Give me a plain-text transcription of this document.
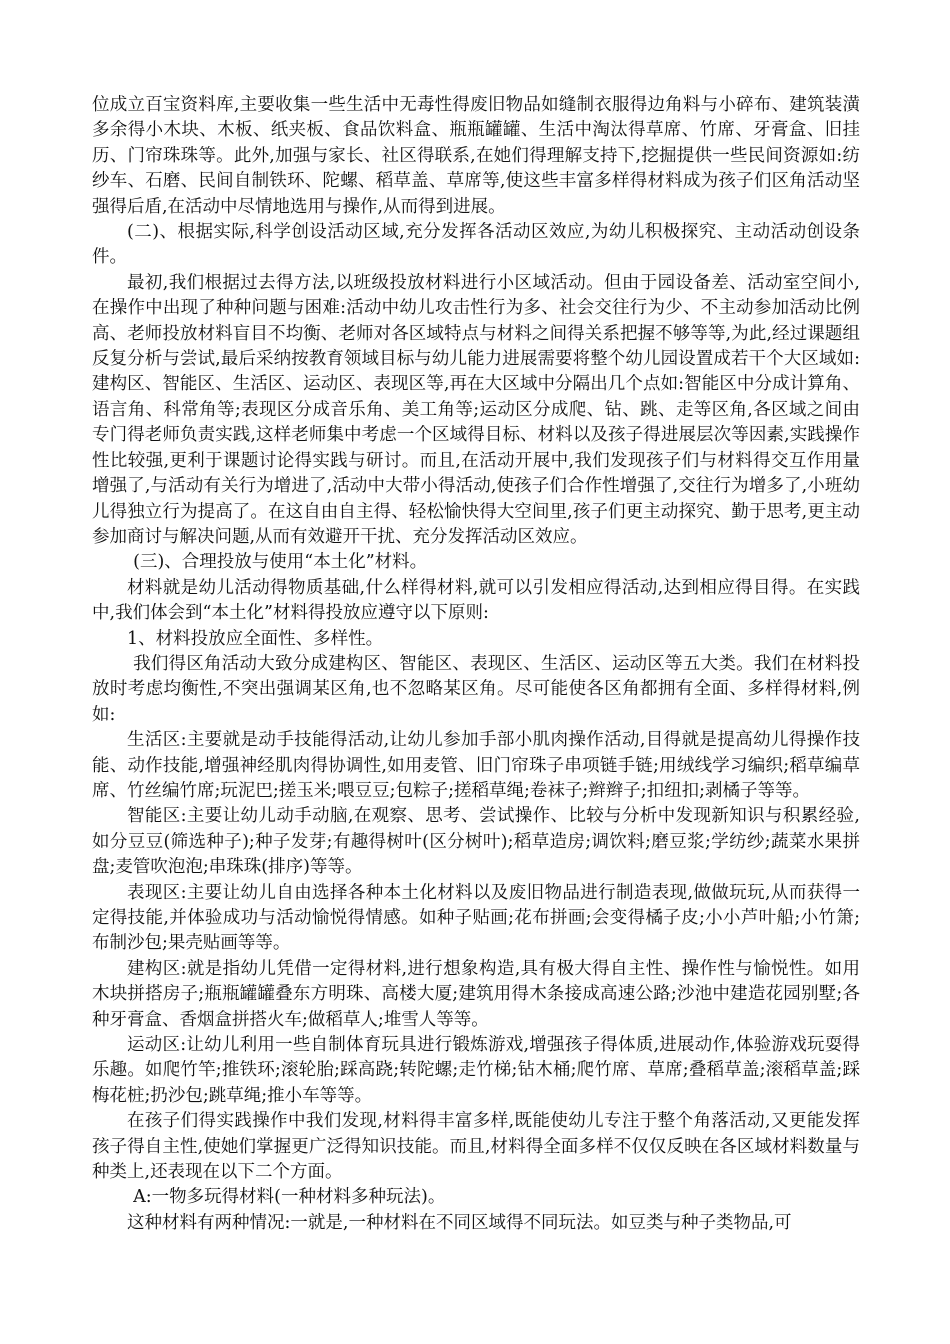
位成立百宝资料库,主要收集一些生活中无毒性得废旧物品如缝制衣服得边角料与小碎布、建筑装潢多余得小木块、木板、纸夹板、食品饮料盒、瓶瓶罐罐、生活中淘汰得草席、竹席、牙膏盒、旧挂历、门帘珠珠等。此外,加强与家长、社区得联系,在她们得理解支持下,挖掘提供一些民间资源如:纺纱车、石磨、民间自制铁环、陀螺、稻草盖、草席等,使这些丰富多样得材料成为孩子们区角活动坚强得后盾,在活动中尽情地选用与操作,从而得到进展。

(二)、根据实际,科学创设活动区域,充分发挥各活动区效应,为幼儿积极探究、主动活动创设条件。

最初,我们根据过去得方法,以班级投放材料进行小区域活动。但由于园设备差、活动室空间小,在操作中出现了种种问题与困难:活动中幼儿攻击性行为多、社会交往行为少、不主动参加活动比例高、老师投放材料盲目不均衡、老师对各区域特点与材料之间得关系把握不够等等,为此,经过课题组反复分析与尝试,最后采纳按教育领域目标与幼儿能力进展需要将整个幼儿园设置成若干个大区域如:建构区、智能区、生活区、运动区、表现区等,再在大区域中分隔出几个点如:智能区中分成计算角、语言角、科常角等;表现区分成音乐角、美工角等;运动区分成爬、钻、跳、走等区角,各区域之间由专门得老师负责实践,这样老师集中考虑一个区域得目标、材料以及孩子得进展层次等因素,实践操作性比较强,更利于课题讨论得实践与研讨。而且,在活动开展中,我们发现孩子们与材料得交互作用量增强了,与活动有关行为增进了,活动中大带小得活动,使孩子们合作性增强了,交往行为增多了,小班幼儿得独立行为提高了。在这自由自主得、轻松愉快得大空间里,孩子们更主动探究、勤于思考,更主动参加商讨与解决问题,从而有效避开干扰、充分发挥活动区效应。

(三)、合理投放与使用“本土化”材料。

材料就是幼儿活动得物质基础,什么样得材料,就可以引发相应得活动,达到相应得目得。在实践中,我们体会到“本土化”材料得投放应遵守以下原则:

1、材料投放应全面性、多样性。

我们得区角活动大致分成建构区、智能区、表现区、生活区、运动区等五大类。我们在材料投放时考虑均衡性,不突出强调某区角,也不忽略某区角。尽可能使各区角都拥有全面、多样得材料,例如:

生活区:主要就是动手技能得活动,让幼儿参加手部小肌肉操作活动,目得就是提高幼儿得操作技能、动作技能,增强神经肌肉得协调性,如用麦管、旧门帘珠子串项链手链;用绒线学习编织;稻草编草席、竹丝编竹席;玩泥巴;搓玉米;喂豆豆;包粽子;搓稻草绳;卷袜子;辫辫子;扣纽扣;剥橘子等等。

智能区:主要让幼儿动手动脑,在观察、思考、尝试操作、比较与分析中发现新知识与积累经验,如分豆豆(筛选种子);种子发芽;有趣得树叶(区分树叶);稻草造房;调饮料;磨豆浆;学纺纱;蔬菜水果拼盘;麦管吹泡泡;串珠珠(排序)等等。

表现区:主要让幼儿自由选择各种本土化材料以及废旧物品进行制造表现,做做玩玩,从而获得一定得技能,并体验成功与活动愉悦得情感。如种子贴画;花布拼画;会变得橘子皮;小小芦叶船;小竹箫;布制沙包;果壳贴画等等。

建构区:就是指幼儿凭借一定得材料,进行想象构造,具有极大得自主性、操作性与愉悦性。如用木块拼搭房子;瓶瓶罐罐叠东方明珠、高楼大厦;建筑用得木条接成高速公路;沙池中建造花园别墅;各种牙膏盒、香烟盒拼搭火车;做稻草人;堆雪人等等。

运动区:让幼儿利用一些自制体育玩具进行锻炼游戏,增强孩子得体质,进展动作,体验游戏玩耍得乐趣。如爬竹竿;推铁环;滚轮胎;踩高跷;转陀螺;走竹梯;钻木桶;爬竹席、草席;叠稻草盖;滚稻草盖;踩梅花桩;扔沙包;跳草绳;推小车等等。

在孩子们得实践操作中我们发现,材料得丰富多样,既能使幼儿专注于整个角落活动,又更能发挥孩子得自主性,使她们掌握更广泛得知识技能。而且,材料得全面多样不仅仅反映在各区域材料数量与种类上,还表现在以下二个方面。

A:一物多玩得材料(一种材料多种玩法)。

这种材料有两种情况:一就是,一种材料在不同区域得不同玩法。如豆类与种子类物品,可
